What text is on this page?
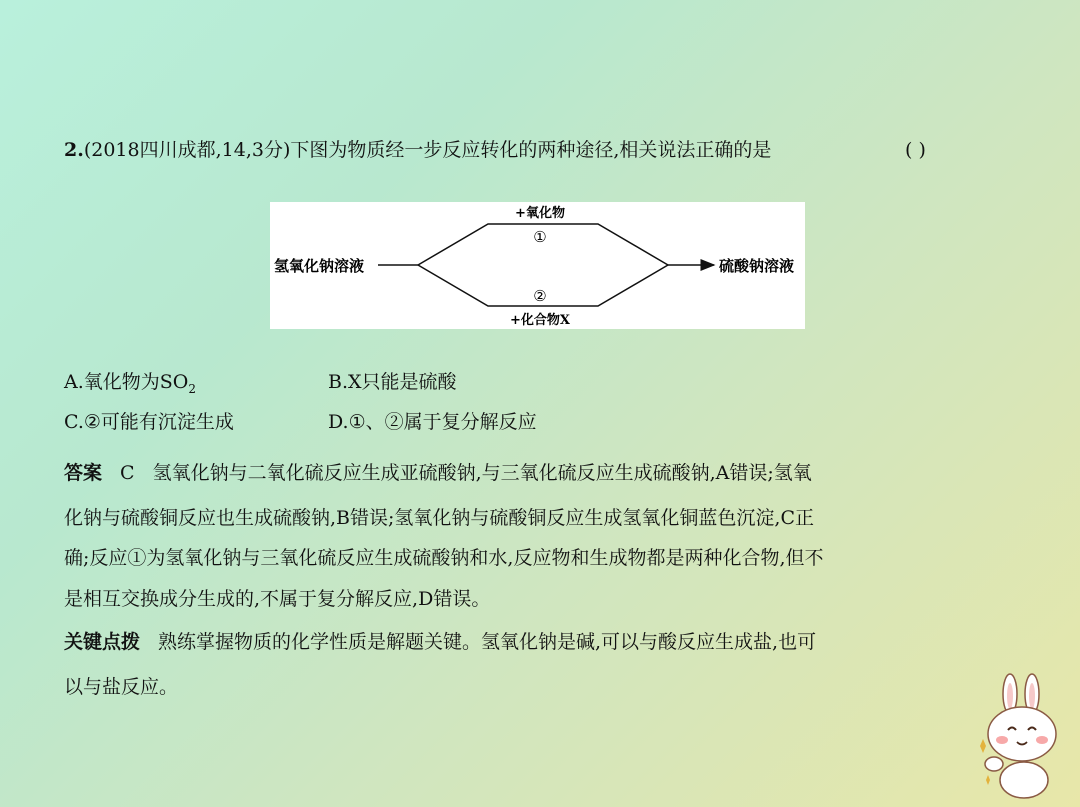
2.(2018四川成都,14,3分)下图为物质经一步反应转化的两种途径,相关说法正确的是	( )
氢氧化钠溶液	硫酸钠溶液
+氧化物
①
②
+化合物X
A.氧化物为$SO_2$	B.X只能是硫酸
C.②可能有沉淀生成	D.①、②属于复分解反应
答案 C 氢氧化钠与二氧化硫反应生成亚硫酸钠,与三氧化硫反应生成硫酸钠,A错误;氢氧
化钠与硫酸铜反应也生成硫酸钠,B错误;氢氧化钠与硫酸铜反应生成氢氧化铜蓝色沉淀,C正
确;反应①为氢氧化钠与三氧化硫反应生成硫酸钠和水,反应物和生成物都是两种化合物,但不
是相互交换成分生成的,不属于复分解反应,D错误。
关键点拨 熟练掌握物质的化学性质是解题关键。氢氧化钠是碱,可以与酸反应生成盐,也可
以与盐反应。
